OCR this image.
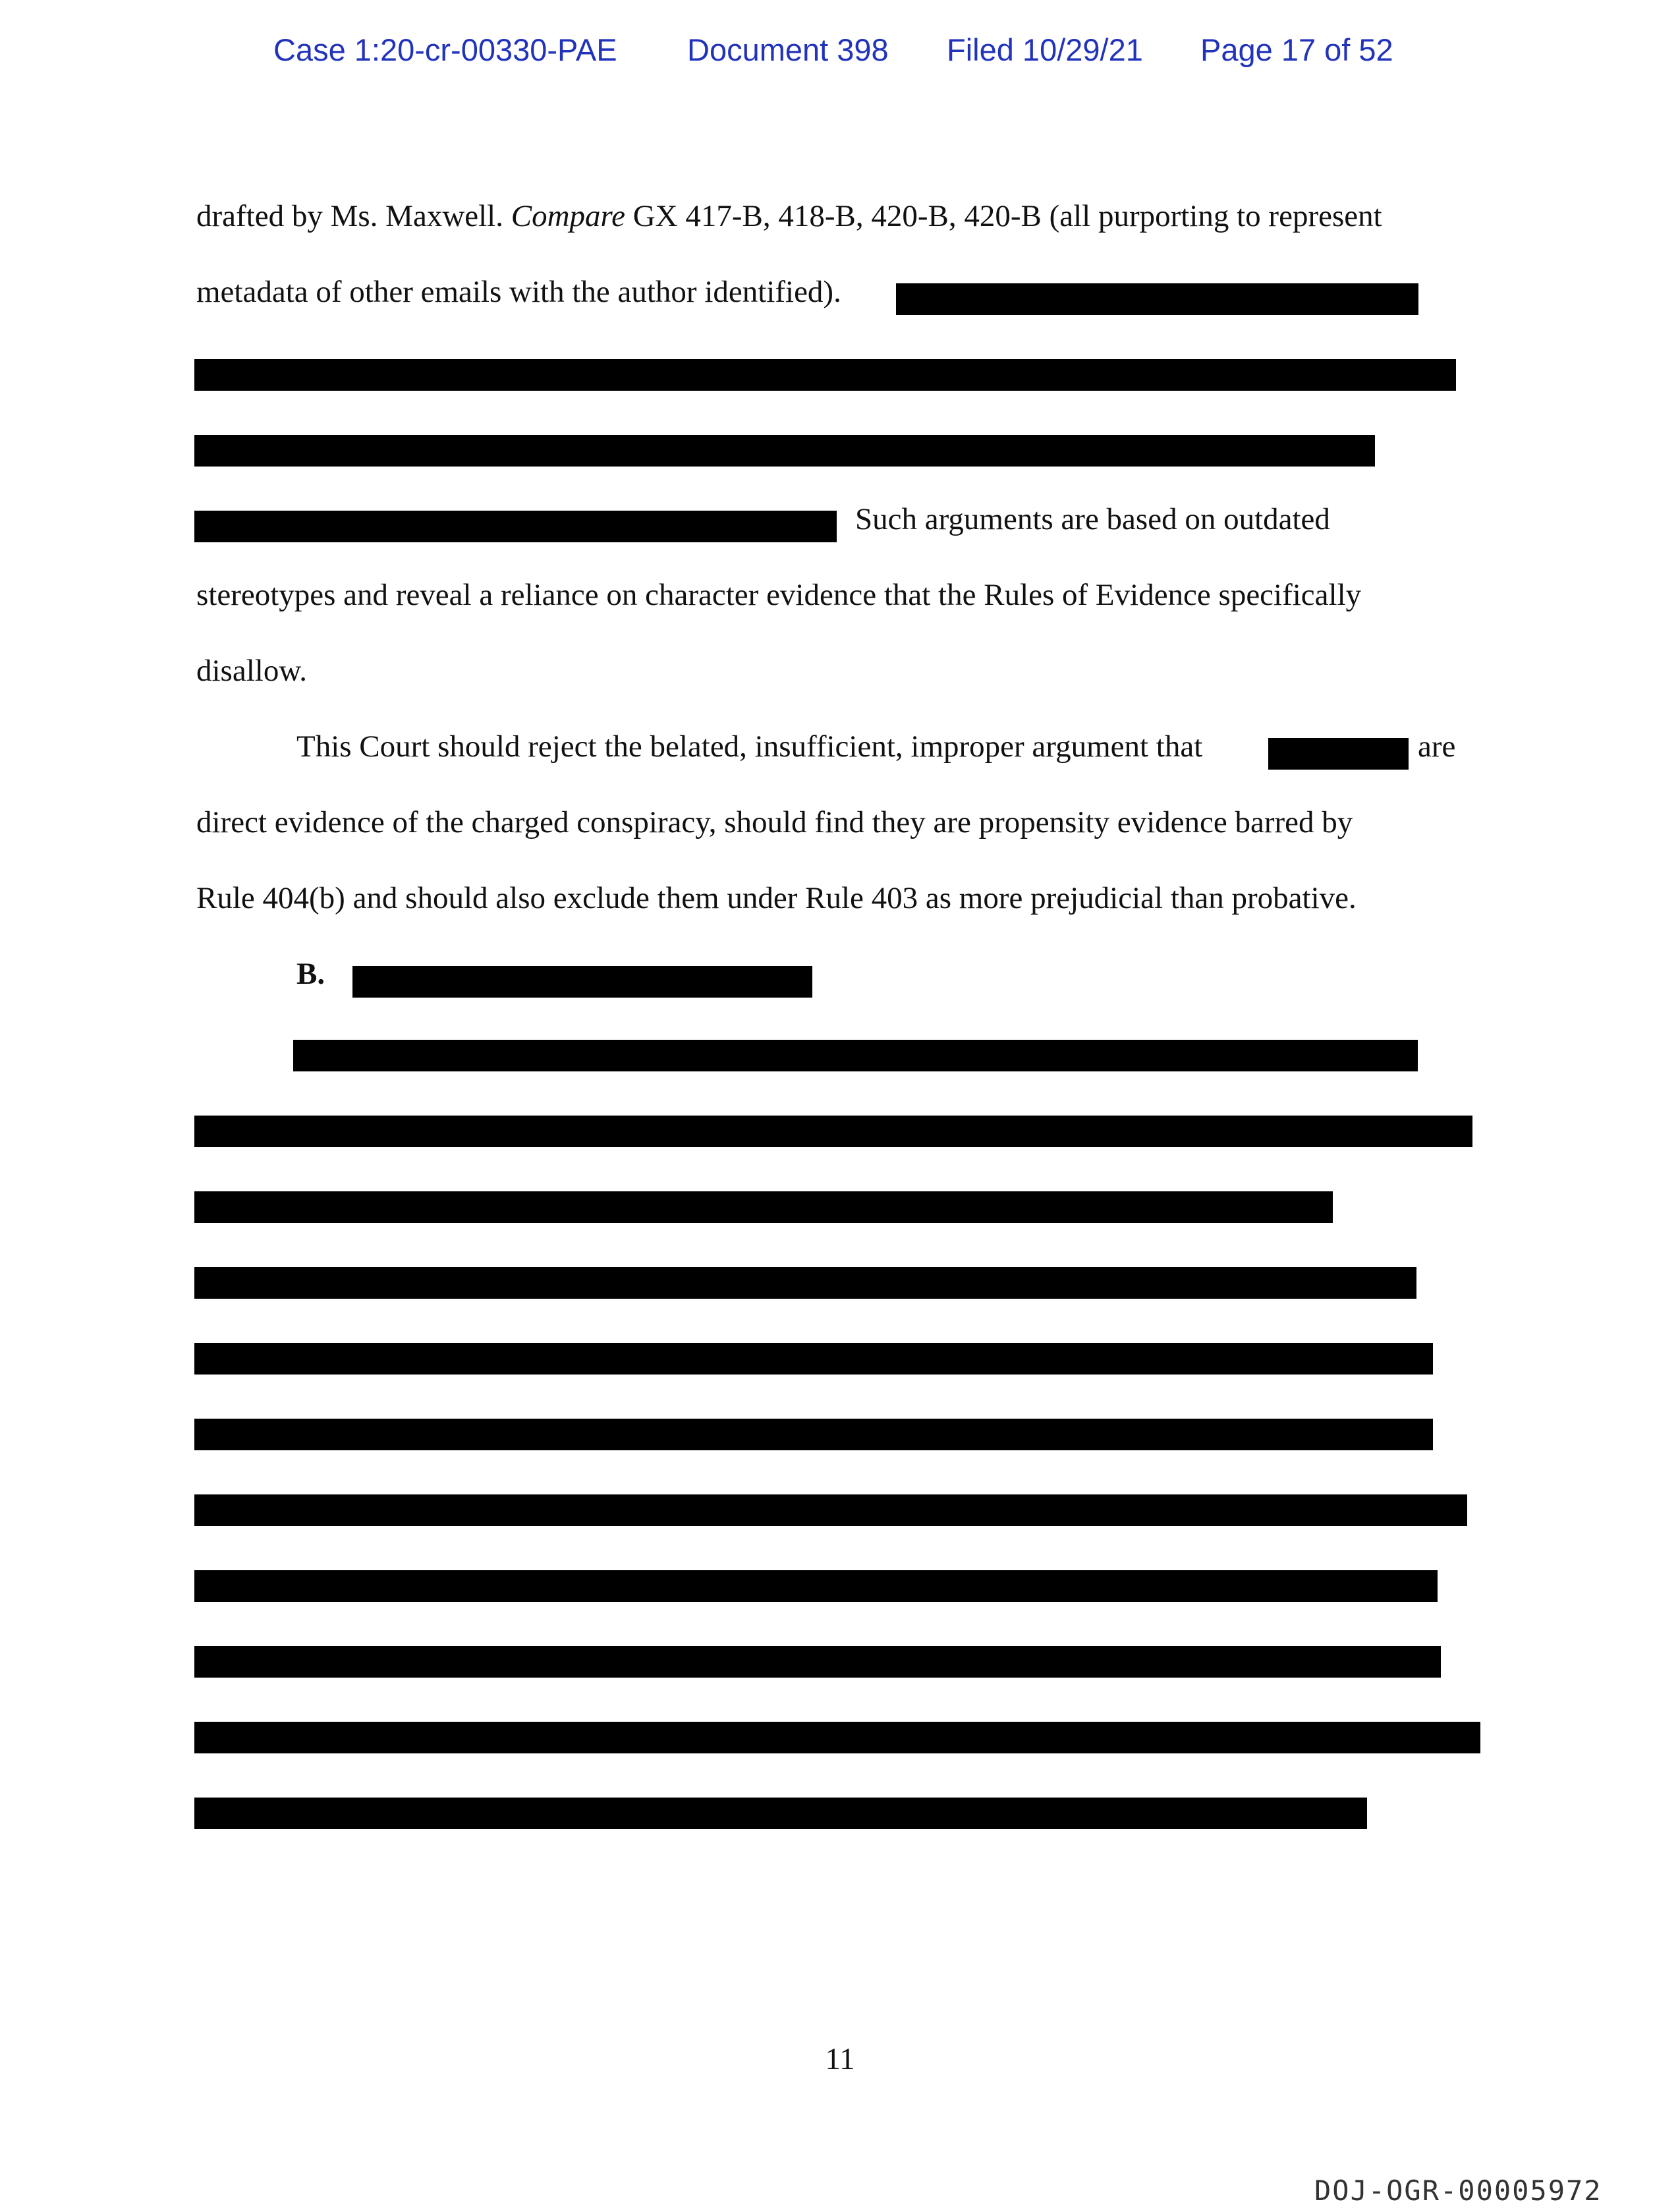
Case 1:20-cr-00330-PAE Document 398 Filed 10/29/21 Page 17 of 52
drafted by Ms. Maxwell. Compare GX 417-B, 418-B, 420-B, 420-B (all purporting to represent
metadata of other emails with the author identified).
Such arguments are based on outdated
stereotypes and reveal a reliance on character evidence that the Rules of Evidence specifically
disallow.
This Court should reject the belated, insufficient, improper argument that	are
direct evidence of the charged conspiracy, should find they are propensity evidence barred by
Rule 404(b) and should also exclude them under Rule 403 as more prejudicial than probative.
B.
11
DOJ-OGR-00005972
